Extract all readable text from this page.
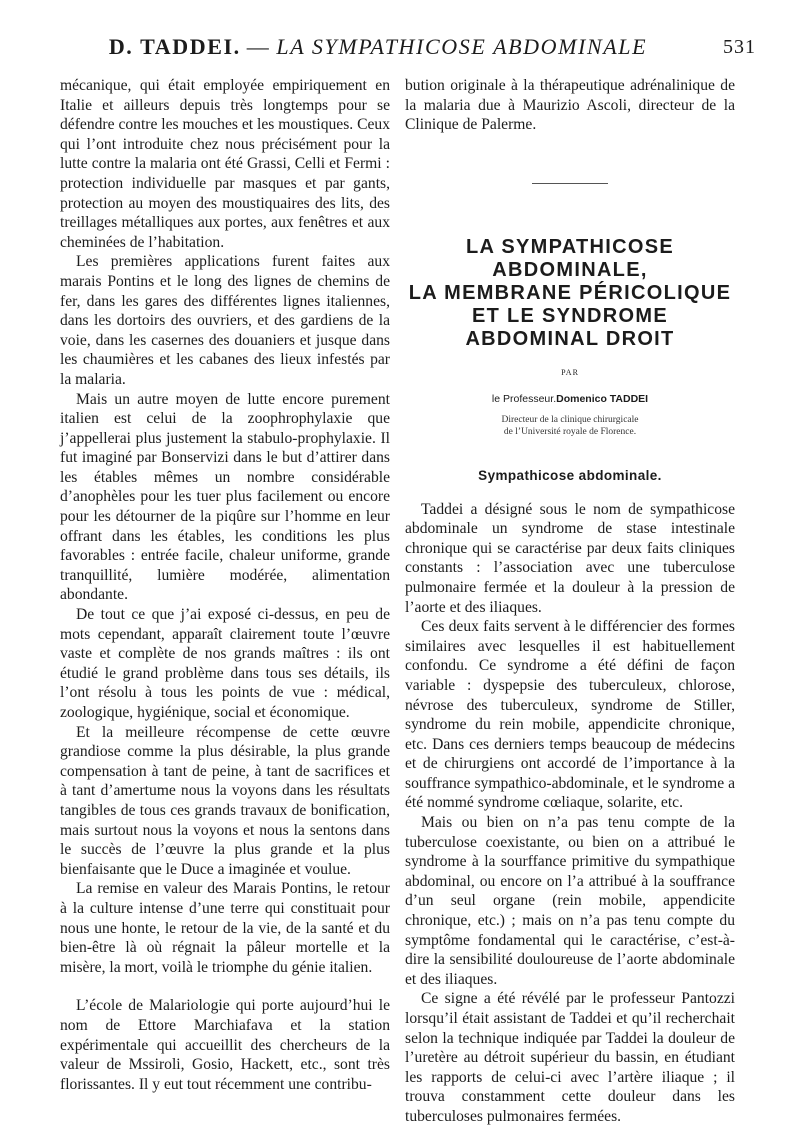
D. TADDEI. — LA SYMPATHICOSE ABDOMINALE	531

mécanique, qui était employée empiriquement en Italie et ailleurs depuis très longtemps pour se défendre contre les mouches et les moustiques. Ceux qui l’ont introduite chez nous précisément pour la lutte contre la malaria ont été Grassi, Celli et Fermi : protection individuelle par masques et par gants, protection au moyen des moustiquaires des lits, des treillages métalliques aux portes, aux fenêtres et aux cheminées de l’habitation.

Les premières applications furent faites aux marais Pontins et le long des lignes de chemins de fer, dans les gares des différentes lignes italiennes, dans les dortoirs des ouvriers, et des gardiens de la voie, dans les casernes des douaniers et jusque dans les chaumières et les cabanes des lieux infestés par la malaria.

Mais un autre moyen de lutte encore purement italien est celui de la zoophrophylaxie que j’appellerai plus justement la stabulo-prophylaxie. Il fut imaginé par Bonservizi dans le but d’attirer dans les étables mêmes un nombre considérable d’anophèles pour les tuer plus facilement ou encore pour les détourner de la piqûre sur l’homme en leur offrant dans les étables, les conditions les plus favorables : entrée facile, chaleur uniforme, grande tranquillité, lumière modérée, alimentation abondante.

De tout ce que j’ai exposé ci-dessus, en peu de mots cependant, apparaît clairement toute l’œuvre vaste et complète de nos grands maîtres : ils ont étudié le grand problème dans tous ses détails, ils l’ont résolu à tous les points de vue : médical, zoologique, hygiénique, social et économique.

Et la meilleure récompense de cette œuvre grandiose comme la plus désirable, la plus grande compensation à tant de peine, à tant de sacrifices et à tant d’amertume nous la voyons dans les résultats tangibles de tous ces grands travaux de bonification, mais surtout nous la voyons et nous la sentons dans le succès de l’œuvre la plus grande et la plus bienfaisante que le Duce a imaginée et voulue.

La remise en valeur des Marais Pontins, le retour à la culture intense d’une terre qui constituait pour nous une honte, le retour de la vie, de la santé et du bien-être là où régnait la pâleur mortelle et la misère, la mort, voilà le triomphe du génie italien.

L’école de Malariologie qui porte aujourd’hui le nom de Ettore Marchiafava et la station expérimentale qui accueillit des chercheurs de la valeur de Mssiroli, Gosio, Hackett, etc., sont très florissantes. Il y eut tout récemment une contribu-

bution originale à la thérapeutique adrénalinique de la malaria due à Maurizio Ascoli, directeur de la Clinique de Palerme.

LA SYMPATHICOSE
ABDOMINALE,
LA MEMBRANE PÉRICOLIQUE
ET LE SYNDROME
ABDOMINAL DROIT
PAR
le Professeur.Domenico TADDEI
Directeur de la clinique chirurgicale
de l’Université royale de Florence.
Sympathicose abdominale.

Taddei a désigné sous le nom de sympathicose abdominale un syndrome de stase intestinale chronique qui se caractérise par deux faits cliniques constants : l’association avec une tuberculose pulmonaire fermée et la douleur à la pression de l’aorte et des iliaques.

Ces deux faits servent à le différencier des formes similaires avec lesquelles il est habituellement confondu. Ce syndrome a été défini de façon variable : dyspepsie des tuberculeux, chlorose, névrose des tuberculeux, syndrome de Stiller, syndrome du rein mobile, appendicite chronique, etc. Dans ces derniers temps beaucoup de médecins et de chirurgiens ont accordé de l’importance à la souffrance sympathico-abdominale, et le syndrome a été nommé syndrome cœliaque, solarite, etc.

Mais ou bien on n’a pas tenu compte de la tuberculose coexistante, ou bien on a attribué le syndrome à la sourffance primitive du sympathique abdominal, ou encore on l’a attribué à la souffrance d’un seul organe (rein mobile, appendicite chronique, etc.) ; mais on n’a pas tenu compte du symptôme fondamental qui le caractérise, c’est-à-dire la sensibilité douloureuse de l’aorte abdominale et des iliaques.

Ce signe a été révélé par le professeur Pantozzi lorsqu’il était assistant de Taddei et qu’il recherchait selon la technique indiquée par Taddei la douleur de l’uretère au détroit supérieur du bassin, en étudiant les rapports de celui-ci avec l’artère iliaque ; il trouva constamment cette douleur dans les tuberculoses pulmonaires fermées.
